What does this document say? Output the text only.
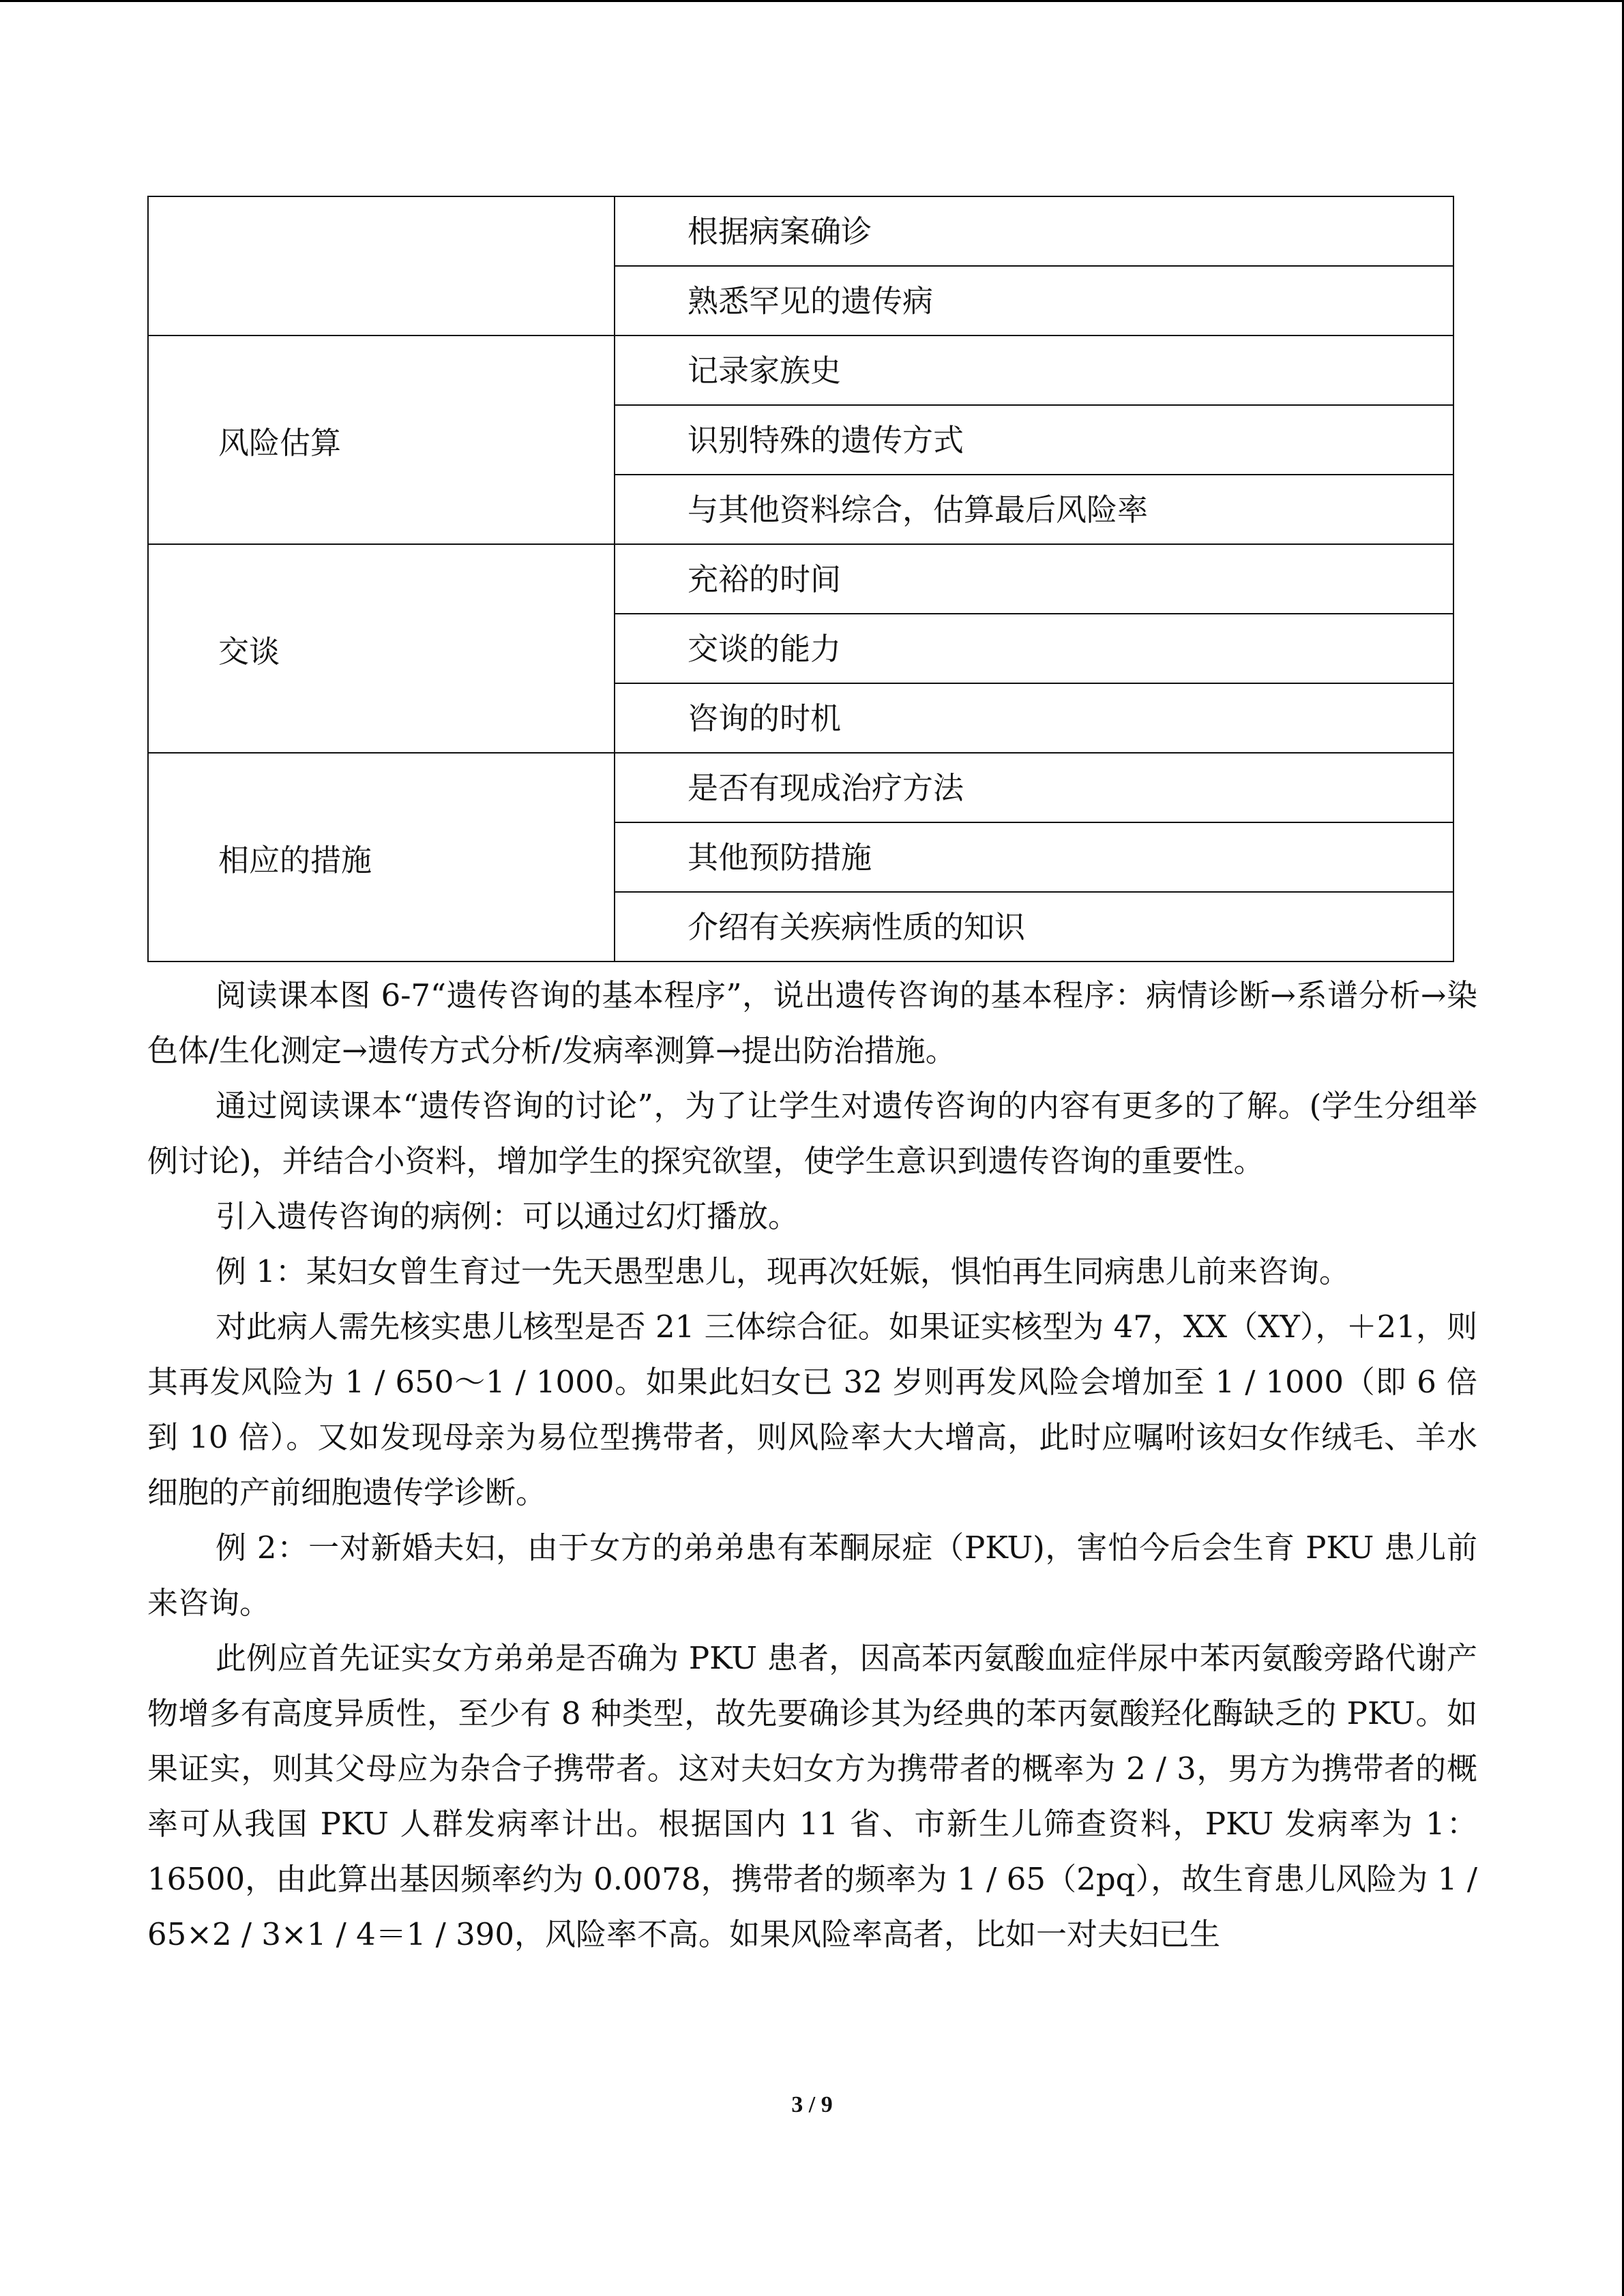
	根据病案确诊
	熟悉罕见的遗传病
风险估算	记录家族史
	识别特殊的遗传方式
	与其他资料综合，估算最后风险率
交谈	充裕的时间
	交谈的能力
	咨询的时机
相应的措施	是否有现成治疗方法
	其他预防措施
	介绍有关疾病性质的知识

阅读课本图 6-7“遗传咨询的基本程序”，说出遗传咨询的基本程序：病情诊断→系谱分析→染色体/生化测定→遗传方式分析/发病率测算→提出防治措施。

通过阅读课本“遗传咨询的讨论”，为了让学生对遗传咨询的内容有更多的了解。(学生分组举例讨论)，并结合小资料，增加学生的探究欲望，使学生意识到遗传咨询的重要性。

引入遗传咨询的病例：可以通过幻灯播放。

例 1：某妇女曾生育过一先天愚型患儿，现再次妊娠，惧怕再生同病患儿前来咨询。

对此病人需先核实患儿核型是否 21 三体综合征。如果证实核型为 47，XX（XY），＋21，则其再发风险为 1 / 650～1 / 1000。如果此妇女已 32 岁则再发风险会增加至 1 / 1000（即 6 倍到 10 倍）。又如发现母亲为易位型携带者，则风险率大大增高，此时应嘱咐该妇女作绒毛、羊水细胞的产前细胞遗传学诊断。

例 2：一对新婚夫妇，由于女方的弟弟患有苯酮尿症（PKU)，害怕今后会生育 PKU 患儿前来咨询。

此例应首先证实女方弟弟是否确为 PKU 患者，因高苯丙氨酸血症伴尿中苯丙氨酸旁路代谢产物增多有高度异质性，至少有 8 种类型，故先要确诊其为经典的苯丙氨酸羟化酶缺乏的 PKU。如果证实，则其父母应为杂合子携带者。这对夫妇女方为携带者的概率为 2 / 3，男方为携带者的概率可从我国 PKU 人群发病率计出。根据国内 11 省、市新生儿筛查资料，PKU 发病率为 1：16500，由此算出基因频率约为 0.0078，携带者的频率为 1 / 65（2pq），故生育患儿风险为 1 / 65×2 / 3×1 / 4＝1 / 390，风险率不高。如果风险率高者，比如一对夫妇已生

3 / 9
